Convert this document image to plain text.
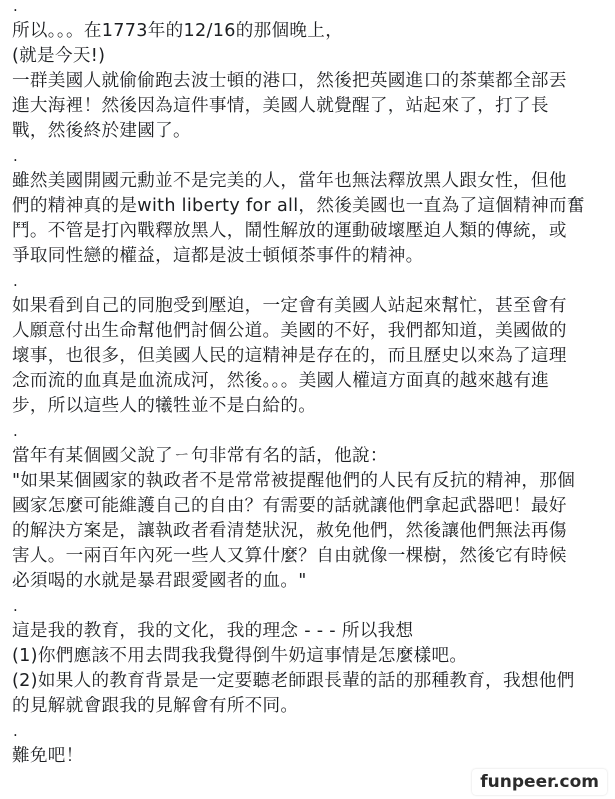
.
所以。。。在1773年的12/16的那個晚上，
(就是今天!)
一群美國人就偷偷跑去波士頓的港口，然後把英國進口的茶葉都全部丟
進大海裡！然後因為這件事情，美國人就覺醒了，站起來了，打了長
戰，然後終於建國了。
.
雖然美國開國元勳並不是完美的人，當年也無法釋放黑人跟女性，但他
們的精神真的是with liberty for all，然後美國也一直為了這個精神而奮
鬥。不管是打內戰釋放黑人，鬧性解放的運動破壞壓迫人類的傳統，或
爭取同性戀的權益，這都是波士頓傾茶事件的精神。
.
如果看到自己的同胞受到壓迫，一定會有美國人站起來幫忙，甚至會有
人願意付出生命幫他們討個公道。美國的不好，我們都知道，美國做的
壞事，也很多，但美國人民的這精神是存在的，而且歷史以來為了這理
念而流的血真是血流成河，然後。。。美國人權這方面真的越來越有進
步，所以這些人的犧牲並不是白給的。
.
當年有某個國父說了ㄧ句非常有名的話，他說：
"如果某個國家的執政者不是常常被提醒他們的人民有反抗的精神，那個
國家怎麼可能維護自己的自由？有需要的話就讓他們拿起武器吧！最好
的解決方案是，讓執政者看清楚狀況，赦免他們，然後讓他們無法再傷
害人。一兩百年內死一些人又算什麼？自由就像一棵樹，然後它有時候
必須喝的水就是暴君跟愛國者的血。"
.
這是我的教育，我的文化，我的理念 - - - 所以我想
(1)你們應該不用去問我我覺得倒牛奶這事情是怎麼樣吧。
(2)如果人的教育背景是一定要聽老師跟長輩的話的那種教育，我想他們
的見解就會跟我的見解會有所不同。
.
難免吧！
funpeer.com
